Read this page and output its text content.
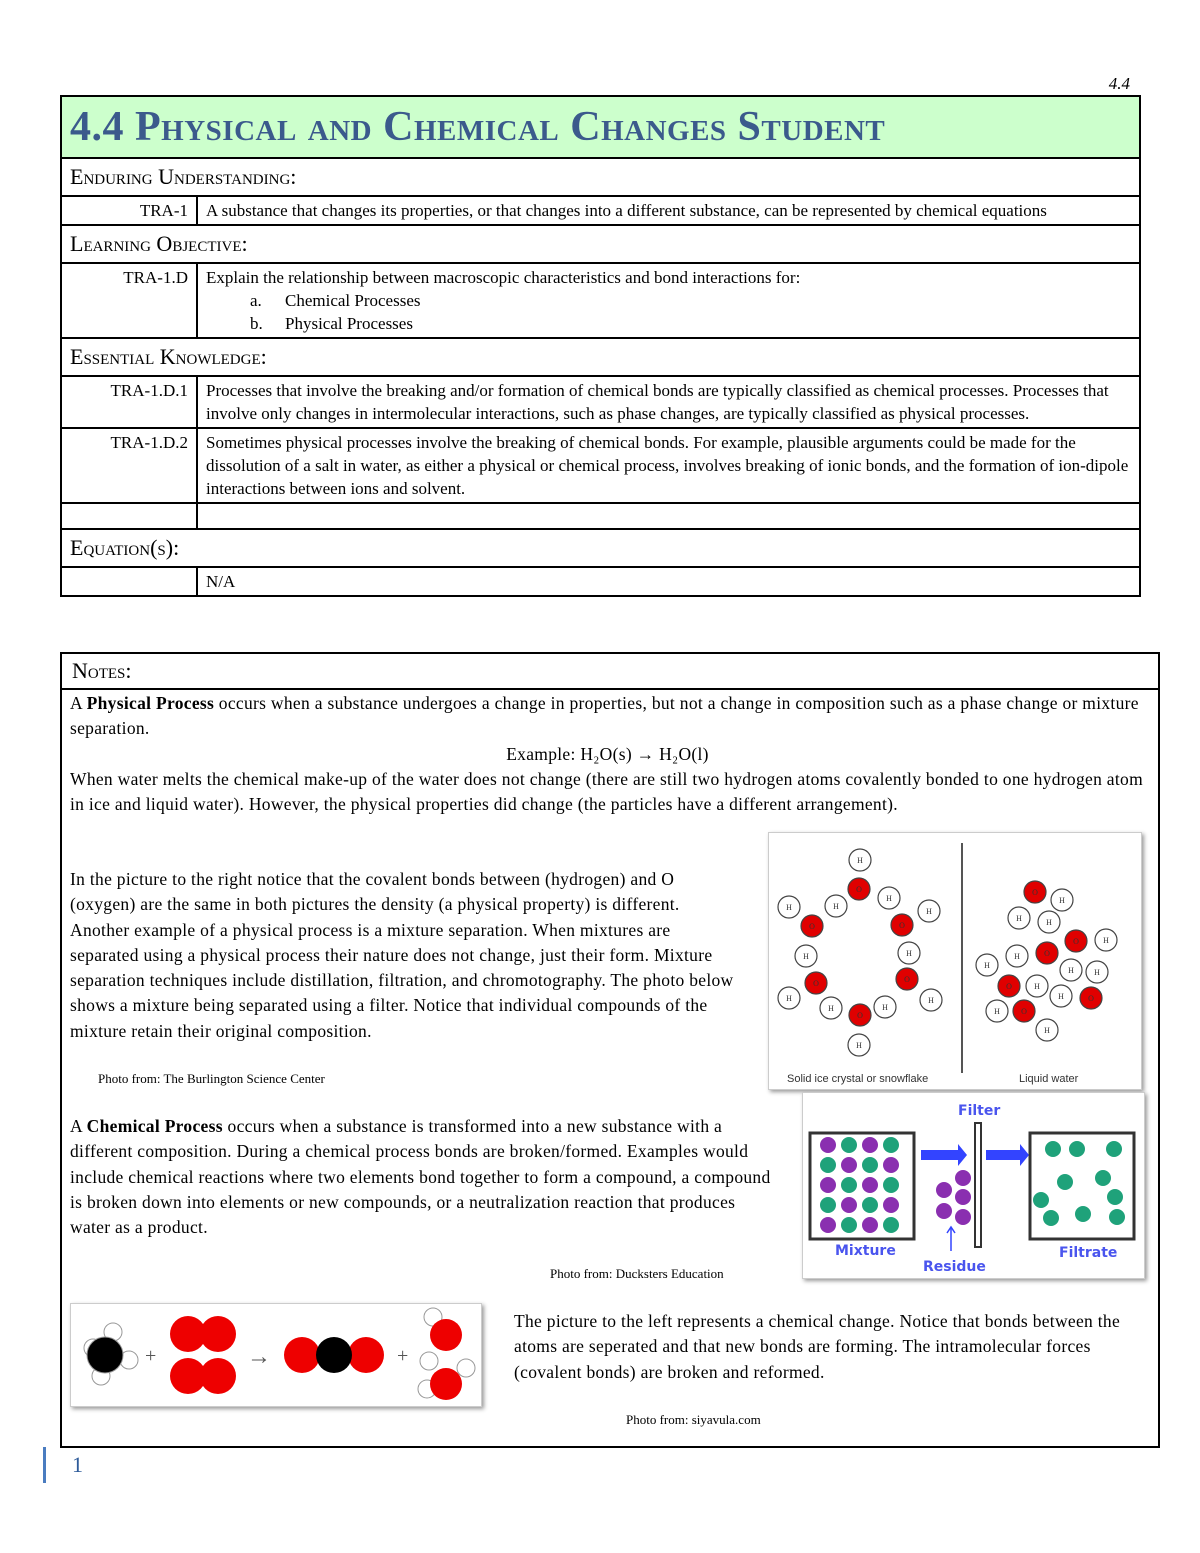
4.4
4.4 Physical and Chemical Changes Student	
Enduring Understanding:	
TRA-1	A substance that changes its properties, or that changes into a different substance, can be represented by chemical equations
Learning Objective:	
TRA-1.D	Explain the relationship between macroscopic characteristics and bond interactions for:
a. Chemical Processes
b. Physical Processes

Essential Knowledge:	
TRA-1.D.1	Processes that involve the breaking and/or formation of chemical bonds are typically classified as chemical processes. Processes that involve only changes in intermolecular interactions, such as phase changes, are typically classified as physical processes.
TRA-1.D.2	Sometimes physical processes involve the breaking of chemical bonds. For example, plausible arguments could be made for the dissolution of a salt in water, as either a physical or chemical process, involves breaking of ionic bonds, and the formation of ion-dipole interactions between ions and solvent.

Equation(s):	
	N/A
Notes:
A Physical Process occurs when a substance undergoes a change in properties, but not a change in composition such as a phase change or mixture separation.
Example: H₂O(s) → H₂O(l)
When water melts the chemical make-up of the water does not change (there are still two hydrogen atoms covalently bonded to one hydrogen atom in ice and liquid water). However, the physical properties did change (the particles have a different arrangement).
In the picture to the right notice that the covalent bonds between (hydrogen) and O (oxygen) are the same in both pictures the density (a physical property) is different. Another example of a physical process is a mixture separation. When mixtures are separated using a physical process their nature does not change, just their form. Mixture separation techniques include distillation, filtration, and chromotography. The photo below shows a mixture being separated using a filter. Notice that individual compounds of the mixture retain their original composition.
Photo from: The Burlington Science Center
A Chemical Process occurs when a substance is transformed into a new substance with a different composition. During a chemical process bonds are broken/formed. Examples would include chemical reactions where two elements bond together to form a compound, a compound is broken down into elements or new compounds, or a neutralization reaction that produces water as a product.
Photo from: Ducksters Education
The picture to the left represents a chemical change. Notice that bonds between the atoms are seperated and that new bonds are forming. The intramolecular forces (covalent bonds) are broken and reformed.
Photo from: siyavula.com
Solid ice crystal or snowflake	Liquid water
H
O
H
H
O
H
O
H
H
H
O
H
O
H
H
H
O
H
O
H
H	H
O
H
O	H
H	H
H
O	H
O
H
H
H	O
Filter
Mixture
Residue
Filtrate
+	→	+
1
